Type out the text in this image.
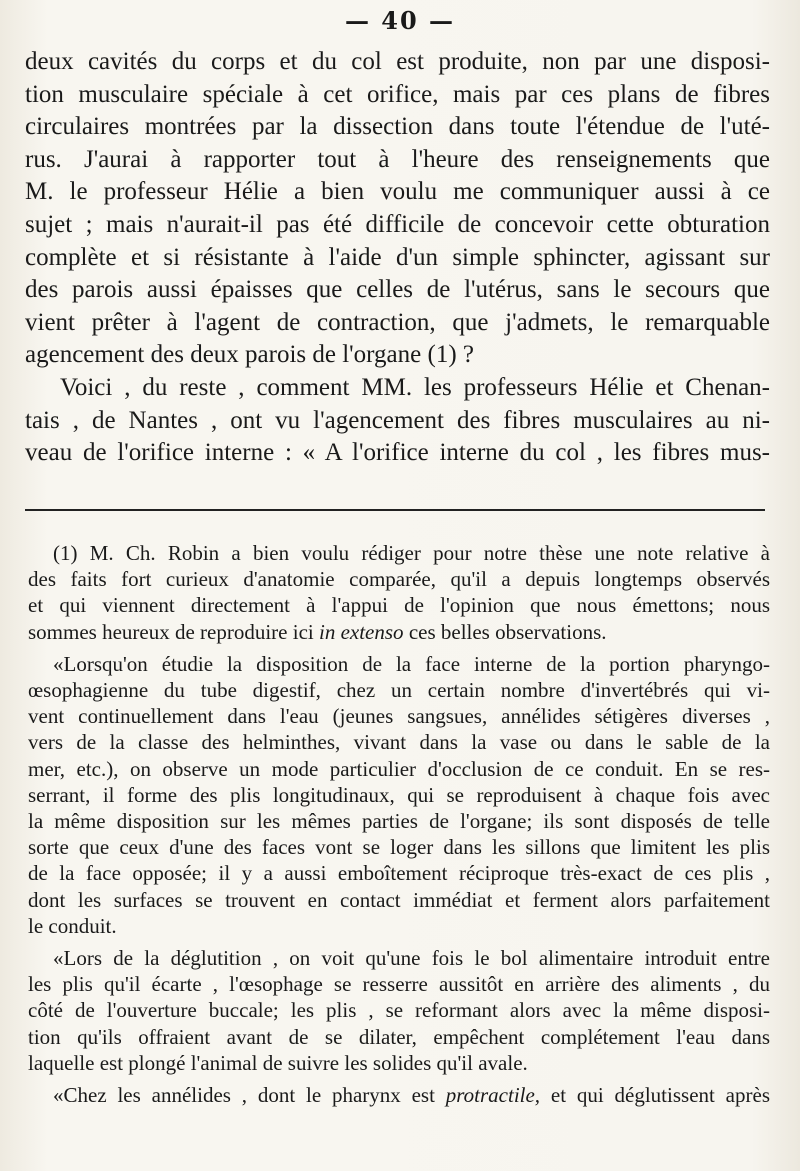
— 40 —

deux cavités du corps et du col est produite, non par une disposi-
tion musculaire spéciale à cet orifice, mais par ces plans de fibres
circulaires montrées par la dissection dans toute l'étendue de l'uté-
rus. J'aurai à rapporter tout à l'heure des renseignements que
M. le professeur Hélie a bien voulu me communiquer aussi à ce
sujet ; mais n'aurait-il pas été difficile de concevoir cette obturation
complète et si résistante à l'aide d'un simple sphincter, agissant sur
des parois aussi épaisses que celles de l'utérus, sans le secours que
vient prêter à l'agent de contraction, que j'admets, le remarquable
agencement des deux parois de l'organe (1) ?

Voici , du reste , comment MM. les professeurs Hélie et Chenan-
tais , de Nantes , ont vu l'agencement des fibres musculaires au ni-
veau de l'orifice interne : « A l'orifice interne du col , les fibres mus-

(1) M. Ch. Robin a bien voulu rédiger pour notre thèse une note relative à
des faits fort curieux d'anatomie comparée, qu'il a depuis longtemps observés
et qui viennent directement à l'appui de l'opinion que nous émettons; nous
sommes heureux de reproduire ici in extenso ces belles observations.

«Lorsqu'on étudie la disposition de la face interne de la portion pharyngo-
œsophagienne du tube digestif, chez un certain nombre d'invertébrés qui vi-
vent continuellement dans l'eau (jeunes sangsues, annélides sétigères diverses ,
vers de la classe des helminthes, vivant dans la vase ou dans le sable de la
mer, etc.), on observe un mode particulier d'occlusion de ce conduit. En se res-
serrant, il forme des plis longitudinaux, qui se reproduisent à chaque fois avec
la même disposition sur les mêmes parties de l'organe; ils sont disposés de telle
sorte que ceux d'une des faces vont se loger dans les sillons que limitent les plis
de la face opposée; il y a aussi emboîtement réciproque très-exact de ces plis ,
dont les surfaces se trouvent en contact immédiat et ferment alors parfaitement
le conduit.

«Lors de la déglutition , on voit qu'une fois le bol alimentaire introduit entre
les plis qu'il écarte , l'œsophage se resserre aussitôt en arrière des aliments , du
côté de l'ouverture buccale; les plis , se reformant alors avec la même disposi-
tion qu'ils offraient avant de se dilater, empêchent complétement l'eau dans
laquelle est plongé l'animal de suivre les solides qu'il avale.

«Chez les annélides , dont le pharynx est protractile, et qui déglutissent après
